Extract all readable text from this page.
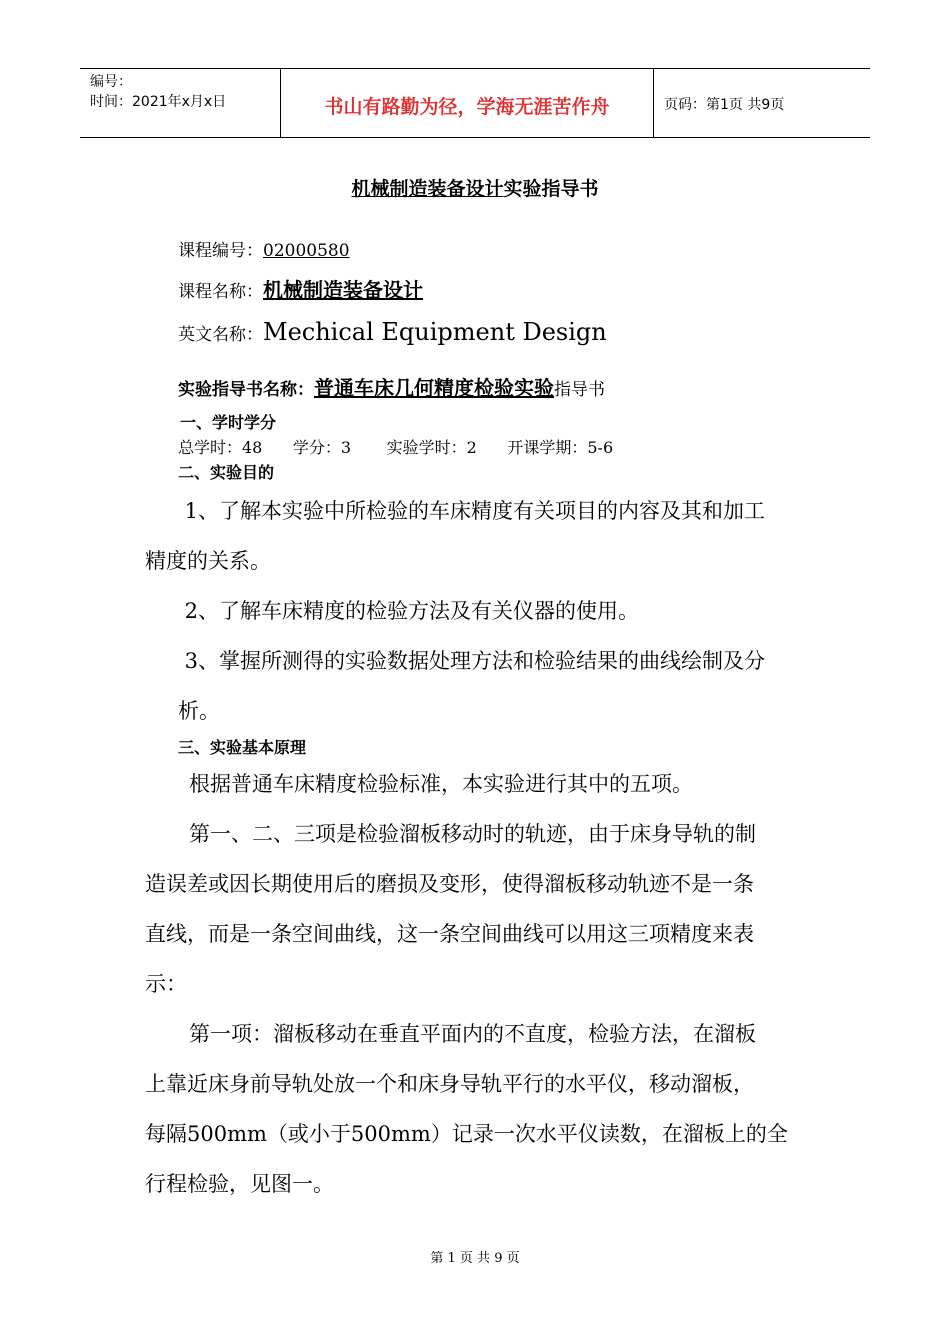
编号：
时间：2021年x月x日	书山有路勤为径，学海无涯苦作舟	页码：第1页 共9页
机械制造装备设计实验指导书
课程编号：02000580
课程名称：机械制造装备设计
英文名称：Mechical Equipment Design
实验指导书名称：普通车床几何精度检验实验指导书
一、学时学分
总学时：48      学分：3       实验学时：2      开课学期：5-6
二、实验目的
1、了解本实验中所检验的车床精度有关项目的内容及其和加工
精度的关系。
2、了解车床精度的检验方法及有关仪器的使用。
3、掌握所测得的实验数据处理方法和检验结果的曲线绘制及分
析。
三、实验基本原理
根据普通车床精度检验标准，本实验进行其中的五项。
第一、二、三项是检验溜板移动时的轨迹，由于床身导轨的制
造误差或因长期使用后的磨损及变形，使得溜板移动轨迹不是一条
直线，而是一条空间曲线，这一条空间曲线可以用这三项精度来表
示：
第一项：溜板移动在垂直平面内的不直度，检验方法，在溜板
上靠近床身前导轨处放一个和床身导轨平行的水平仪，移动溜板，
每隔500mm（或小于500mm）记录一次水平仪读数，在溜板上的全
行程检验，见图一。
第 1 页 共 9 页
